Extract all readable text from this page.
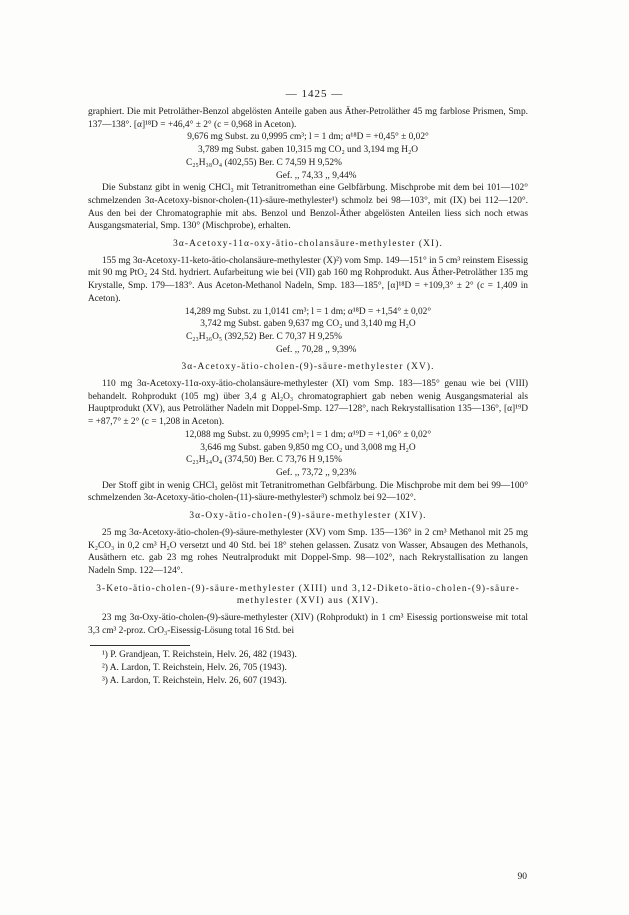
— 1425 —

graphiert. Die mit Petroläther-Benzol abgelösten Anteile gaben aus Äther-Petroläther 45 mg farblose Prismen, Smp. 137—138°. [α]¹⁸D = +46,4° ± 2° (c = 0,968 in Aceton).

9,676 mg Subst. zu 0,9995 cm³; l = 1 dm; α¹⁸D = +0,45° ± 0,02°

3,789 mg Subst. gaben 10,315 mg CO₂ und 3,194 mg H₂O

C₂₅H₃₈O₄ (402,55) Ber. C 74,59 H 9,52%

Gef. ,, 74,33 ,, 9,44%

Die Substanz gibt in wenig CHCl₃ mit Tetranitromethan eine Gelbfärbung. Mischprobe mit dem bei 101—102° schmelzenden 3α-Acetoxy-bisnor-cholen-(11)-säure-methylester¹) schmolz bei 98—103°, mit (IX) bei 112—120°. Aus den bei der Chromatographie mit abs. Benzol und Benzol-Äther abgelösten Anteilen liess sich noch etwas Ausgangsmaterial, Smp. 130° (Mischprobe), erhalten.

3α-Acetoxy-11α-oxy-ätio-cholansäure-methylester (XI).

155 mg 3α-Acetoxy-11-keto-ätio-cholansäure-methylester (X)²) vom Smp. 149—151° in 5 cm³ reinstem Eisessig mit 90 mg PtO₂ 24 Std. hydriert. Aufarbeitung wie bei (VII) gab 160 mg Rohprodukt. Aus Äther-Petroläther 135 mg Krystalle, Smp. 179—183°. Aus Aceton-Methanol Nadeln, Smp. 183—185°, [α]¹⁸D = +109,3° ± 2° (c = 1,409 in Aceton).

14,289 mg Subst. zu 1,0141 cm³; l = 1 dm; α¹⁸D = +1,54° ± 0,02°

3,742 mg Subst. gaben 9,637 mg CO₂ und 3,140 mg H₂O

C₂₃H₃₆O₅ (392,52) Ber. C 70,37 H 9,25%

Gef. ,, 70,28 ,, 9,39%

3α-Acetoxy-ätio-cholen-(9)-säure-methylester (XV).

110 mg 3α-Acetoxy-11α-oxy-ätio-cholansäure-methylester (XI) vom Smp. 183—185° genau wie bei (VIII) behandelt. Rohprodukt (105 mg) über 3,4 g Al₂O₃ chromatographiert gab neben wenig Ausgangsmaterial als Hauptprodukt (XV), aus Petroläther Nadeln mit Doppel-Smp. 127—128°, nach Rekrystallisation 135—136°, [α]¹⁹D = +87,7° ± 2° (c = 1,208 in Aceton).

12,088 mg Subst. zu 0,9995 cm³; l = 1 dm; α¹⁹D = +1,06° ± 0,02°

3,646 mg Subst. gaben 9,850 mg CO₂ und 3,008 mg H₂O

C₂₃H₃₄O₄ (374,50) Ber. C 73,76 H 9,15%

Gef. ,, 73,72 ,, 9,23%

Der Stoff gibt in wenig CHCl₃ gelöst mit Tetranitromethan Gelbfärbung. Die Mischprobe mit dem bei 99—100° schmelzenden 3α-Acetoxy-ätio-cholen-(11)-säure-methylester³) schmolz bei 92—102°.

3α-Oxy-ätio-cholen-(9)-säure-methylester (XIV).

25 mg 3α-Acetoxy-ätio-cholen-(9)-säure-methylester (XV) vom Smp. 135—136° in 2 cm³ Methanol mit 25 mg K₂CO₃ in 0,2 cm³ H₂O versetzt und 40 Std. bei 18° stehen gelassen. Zusatz von Wasser, Absaugen des Methanols, Ausäthern etc. gab 23 mg rohes Neutralprodukt mit Doppel-Smp. 98—102°, nach Rekrystallisation zu langen Nadeln Smp. 122—124°.

3-Keto-ätio-cholen-(9)-säure-methylester (XIII) und 3,12-Diketo-ätio-cholen-(9)-säure-methylester (XVI) aus (XIV).

23 mg 3α-Oxy-ätio-cholen-(9)-säure-methylester (XIV) (Rohprodukt) in 1 cm³ Eisessig portionsweise mit total 3,3 cm³ 2-proz. CrO₃-Eisessig-Lösung total 16 Std. bei

¹) P. Grandjean, T. Reichstein, Helv. 26, 482 (1943).

²) A. Lardon, T. Reichstein, Helv. 26, 705 (1943).

³) A. Lardon, T. Reichstein, Helv. 26, 607 (1943).

90
